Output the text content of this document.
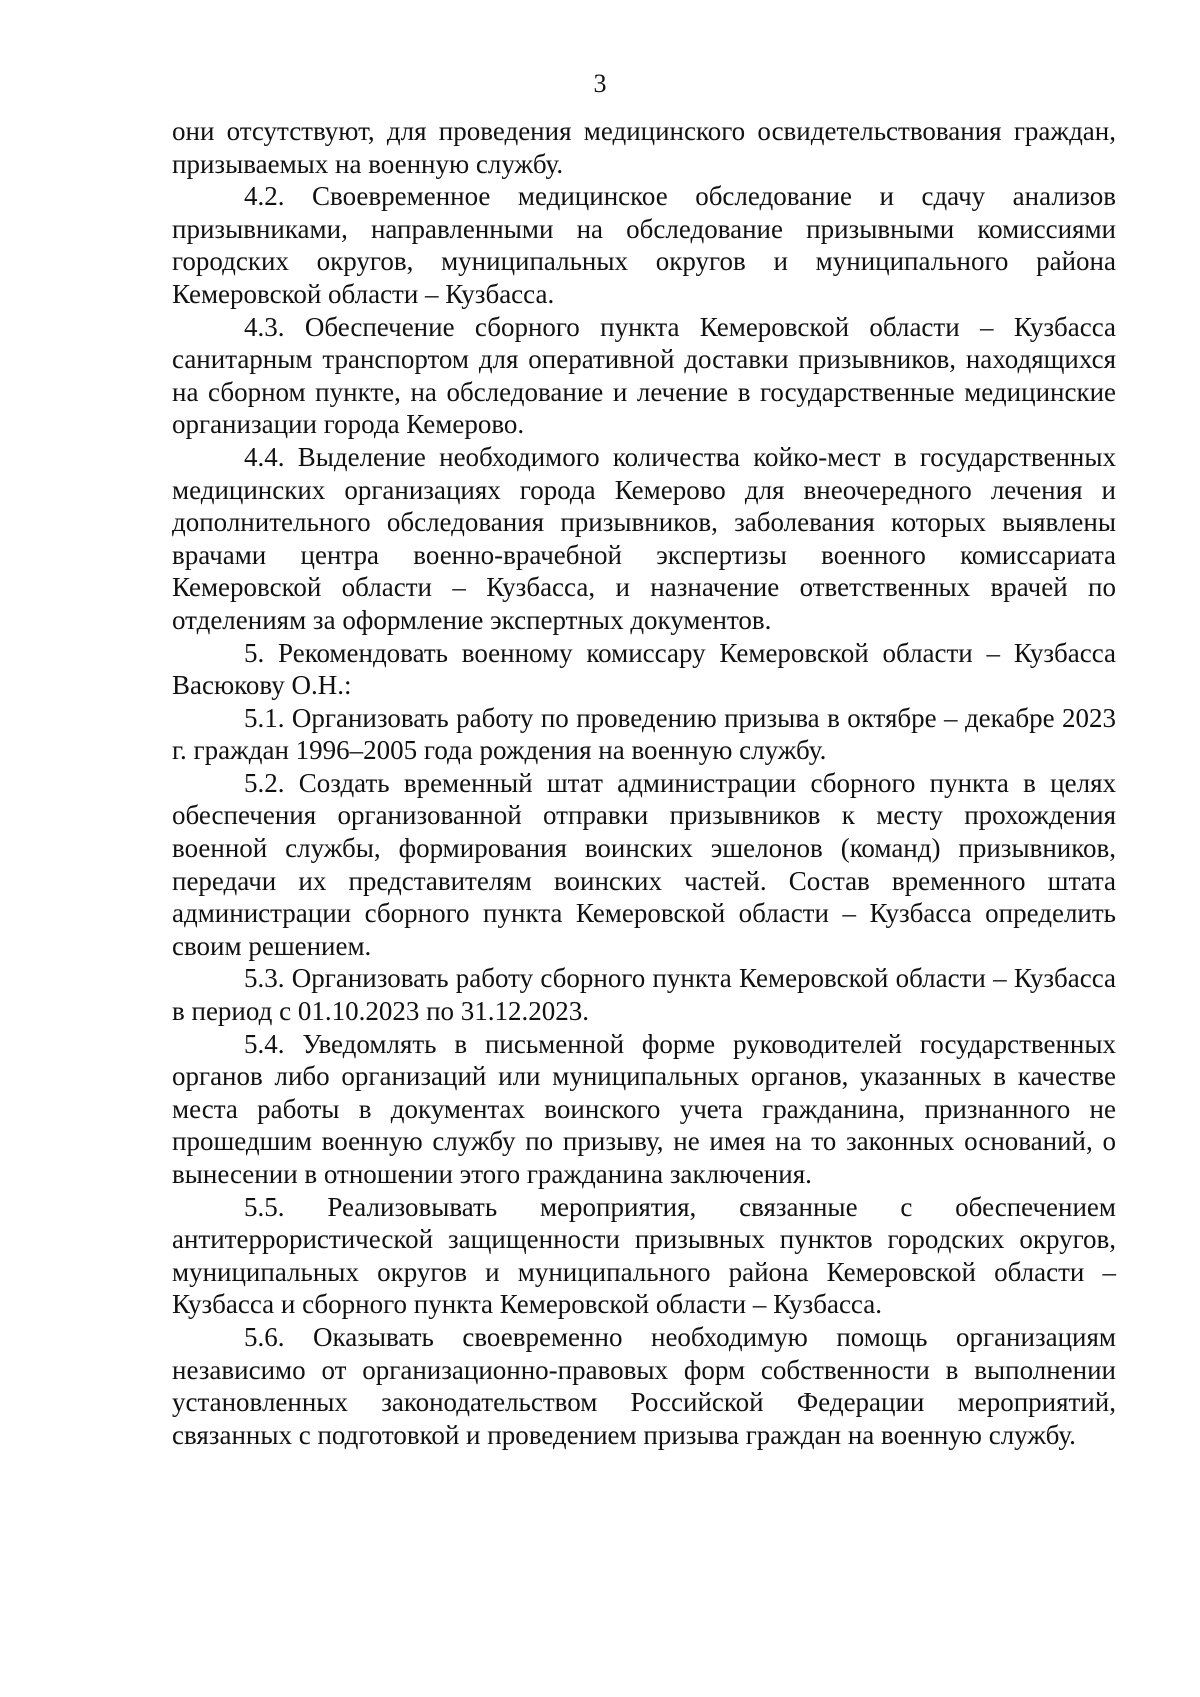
3

они отсутствуют, для проведения медицинского освидетельствования граждан, призываемых на военную службу.

4.2. Своевременное медицинское обследование и сдачу анализов призывниками, направленными на обследование призывными комиссиями городских округов, муниципальных округов и муниципального района Кемеровской области – Кузбасса.

4.3. Обеспечение сборного пункта Кемеровской области – Кузбасса санитарным транспортом для оперативной доставки призывников, находящихся на сборном пункте, на обследование и лечение в государственные медицинские организации города Кемерово.

4.4. Выделение необходимого количества койко-мест в государственных медицинских организациях города Кемерово для внеочередного лечения и дополнительного обследования призывников, заболевания которых выявлены врачами центра военно-врачебной экспертизы военного комиссариата Кемеровской области – Кузбасса, и назначение ответственных врачей по отделениям за оформление экспертных документов.

5. Рекомендовать военному комиссару Кемеровской области – Кузбасса Васюкову О.Н.:

5.1. Организовать работу по проведению призыва в октябре – декабре 2023 г. граждан 1996–2005 года рождения на военную службу.

5.2. Создать временный штат администрации сборного пункта в целях обеспечения организованной отправки призывников к месту прохождения военной службы, формирования воинских эшелонов (команд) призывников, передачи их представителям воинских частей. Состав временного штата администрации сборного пункта Кемеровской области – Кузбасса определить своим решением.

5.3. Организовать работу сборного пункта Кемеровской области – Кузбасса в период с 01.10.2023 по 31.12.2023.

5.4. Уведомлять в письменной форме руководителей государственных органов либо организаций или муниципальных органов, указанных в качестве места работы в документах воинского учета гражданина, признанного не прошедшим военную службу по призыву, не имея на то законных оснований, о вынесении в отношении этого гражданина заключения.

5.5. Реализовывать мероприятия, связанные с обеспечением антитеррористической защищенности призывных пунктов городских округов, муниципальных округов и муниципального района Кемеровской области – Кузбасса и сборного пункта Кемеровской области – Кузбасса.

5.6. Оказывать своевременно необходимую помощь организациям независимо от организационно-правовых форм собственности в выполнении установленных законодательством Российской Федерации мероприятий, связанных с подготовкой и проведением призыва граждан на военную службу.
